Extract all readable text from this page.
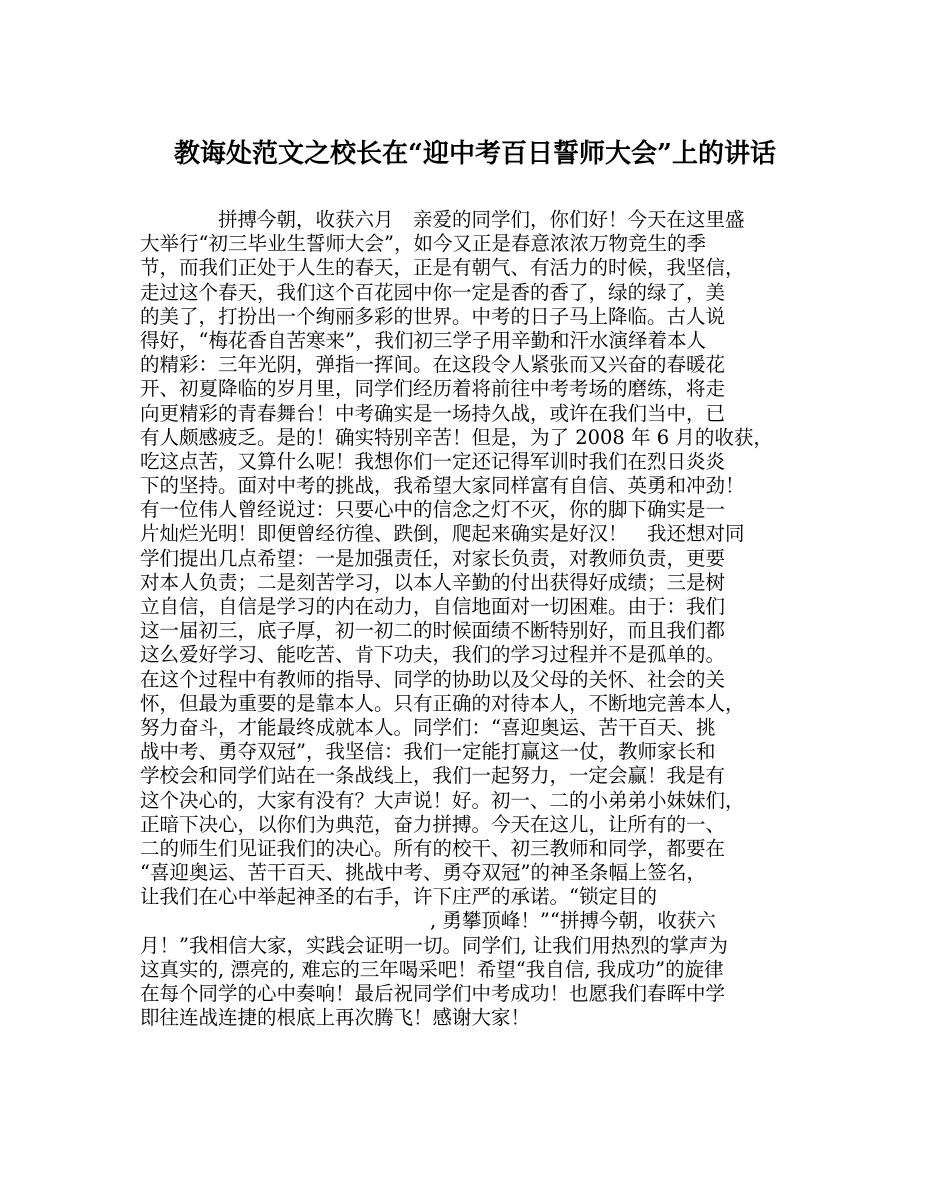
教诲处范文之校长在“迎中考百日誓师大会”上的讲话
拼搏今朝，收获六月　亲爱的同学们，你们好！今天在这里盛
大举行“初三毕业生誓师大会”，如今又正是春意浓浓万物竞生的季
节，而我们正处于人生的春天，正是有朝气、有活力的时候，我坚信，
走过这个春天，我们这个百花园中你一定是香的香了，绿的绿了，美
的美了，打扮出一个绚丽多彩的世界。中考的日子马上降临。古人说
得好，“梅花香自苦寒来”，我们初三学子用辛勤和汗水演绎着本人
的精彩：三年光阴，弹指一挥间。在这段令人紧张而又兴奋的春暖花
开、初夏降临的岁月里，同学们经历着将前往中考考场的磨练，将走
向更精彩的青春舞台！中考确实是一场持久战，或许在我们当中，已
有人颇感疲乏。是的！确实特别辛苦！但是，为了 2008 年 6 月的收获，
吃这点苦，又算什么呢！我想你们一定还记得军训时我们在烈日炎炎
下的坚持。面对中考的挑战，我希望大家同样富有自信、英勇和冲劲！
有一位伟人曾经说过：只要心中的信念之灯不灭，你的脚下确实是一
片灿烂光明！即便曾经彷徨、跌倒，爬起来确实是好汉！　我还想对同
学们提出几点希望：一是加强责任，对家长负责，对教师负责，更要
对本人负责；二是刻苦学习，以本人辛勤的付出获得好成绩；三是树
立自信，自信是学习的内在动力，自信地面对一切困难。由于：我们
这一届初三，底子厚，初一初二的时候面绩不断特别好，而且我们都
这么爱好学习、能吃苦、肯下功夫，我们的学习过程并不是孤单的。
在这个过程中有教师的指导、同学的协助以及父母的关怀、社会的关
怀，但最为重要的是靠本人。只有正确的对待本人，不断地完善本人，
努力奋斗，才能最终成就本人。同学们：“喜迎奥运、苦干百天、挑
战中考、勇夺双冠”，我坚信：我们一定能打赢这一仗，教师家长和
学校会和同学们站在一条战线上，我们一起努力，一定会赢！我是有
这个决心的，大家有没有？大声说！好。初一、二的小弟弟小妹妹们，
正暗下决心，以你们为典范，奋力拼搏。今天在这儿，让所有的一、
二的师生们见证我们的决心。所有的校干、初三教师和同学，都要在
“喜迎奥运、苦干百天、挑战中考、勇夺双冠”的神圣条幅上签名，
让我们在心中举起神圣的右手，许下庄严的承诺。“锁定目的
, 勇攀顶峰！”“拼搏今朝，收获六
月！”我相信大家，实践会证明一切。同学们, 让我们用热烈的掌声为
这真实的, 漂亮的, 难忘的三年喝采吧！希望“我自信, 我成功”的旋律
在每个同学的心中奏响！最后祝同学们中考成功！也愿我们春晖中学
即往连战连捷的根底上再次腾飞！感谢大家！
